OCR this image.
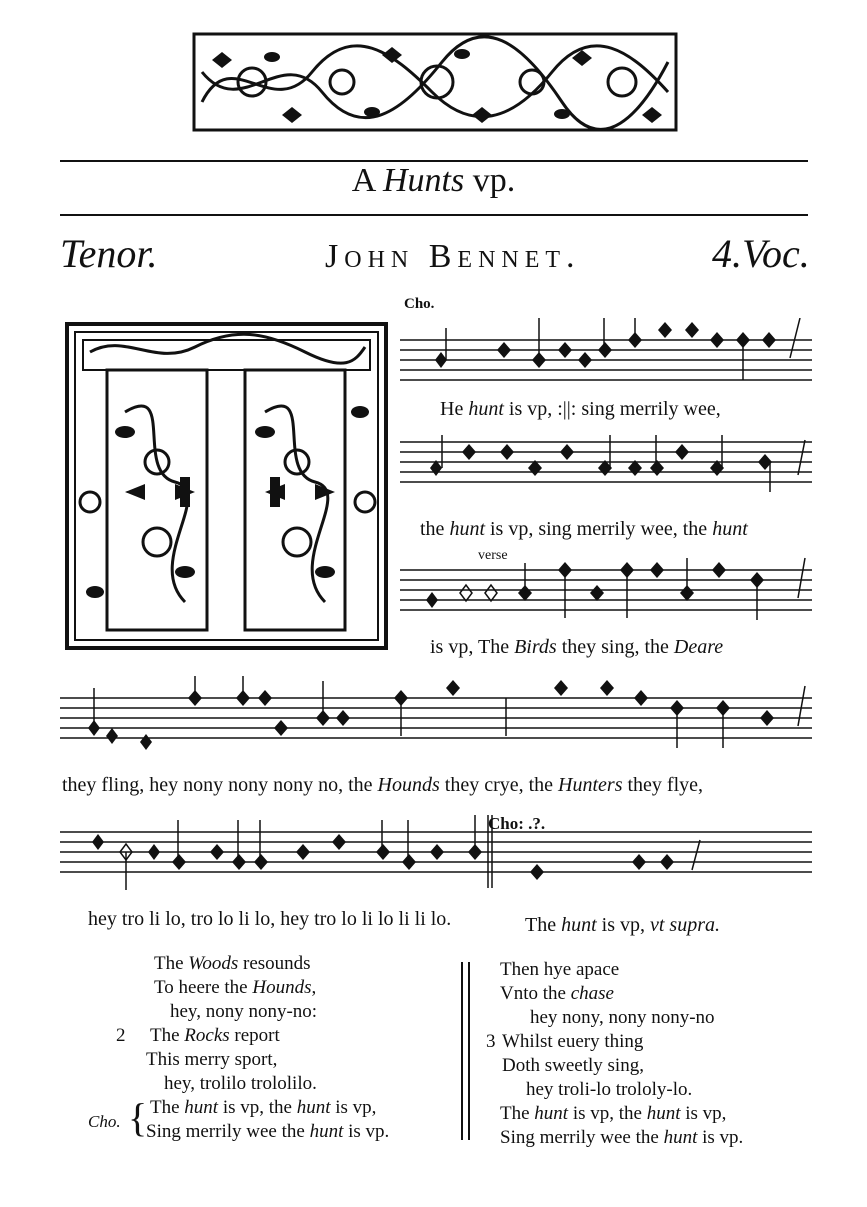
A Hunts vp.
Tenor.	John Bennet.	4.Voc.
Cho.
He hunt is vp, :||: sing merrily wee,
the hunt is vp, sing merrily wee, the hunt
verse
is vp, The Birds they sing, the Deare
they fling, hey nony nony nony no, the Hounds they crye, the Hunters they flye,
Cho: .?.
hey tro li lo, tro lo li lo, hey tro lo li lo li li lo.	The hunt is vp, vt supra.
The Woods resounds
To heere the Hounds,
hey, nony nony-no:
2 The Rocks report
This merry sport,
hey, trolilo trololilo.
The hunt is vp, the hunt is vp,
Sing merrily wee the hunt is vp.
Cho. {
Then hye apace
Vnto the chase
hey nony, nony nony-no
3 Whilst euery thing
Doth sweetly sing,
hey troli-lo trololy-lo.
The hunt is vp, the hunt is vp,
Sing merrily wee the hunt is vp.
